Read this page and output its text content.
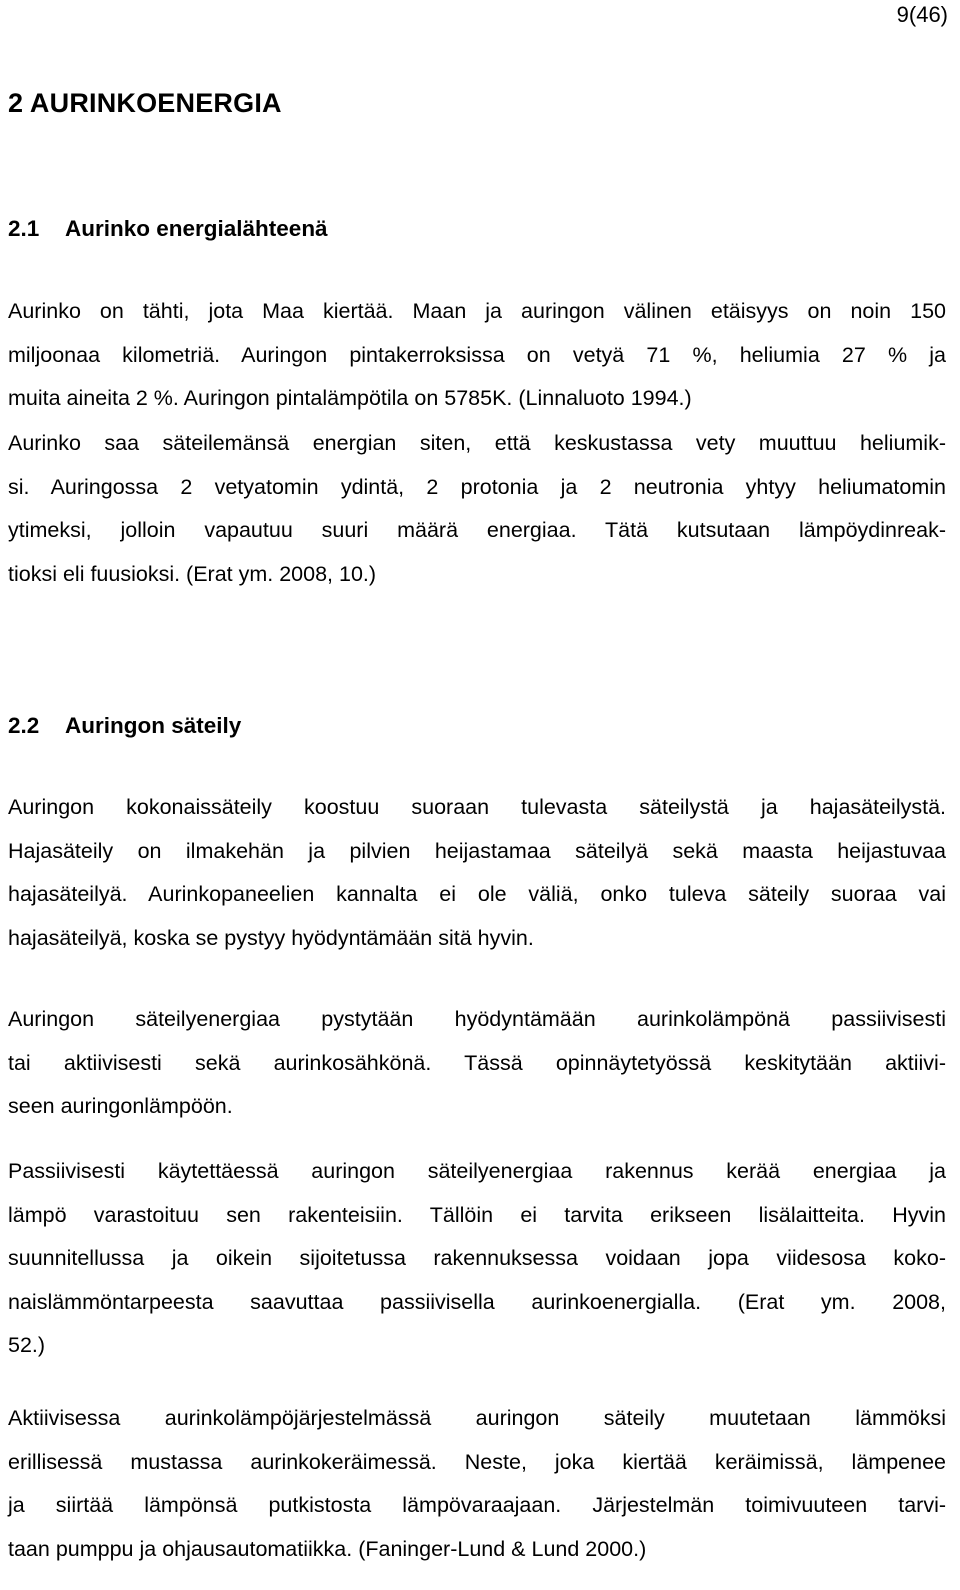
9(46)
2 AURINKOENERGIA
2.1 Aurinko energialähteenä
Aurinko on tähti, jota Maa kiertää. Maan ja auringon välinen etäisyys on noin 150
miljoonaa kilometriä. Auringon pintakerroksissa on vetyä 71 %, heliumia 27 % ja
muita aineita 2 %. Auringon pintalämpötila on 5785K. (Linnaluoto 1994.)
Aurinko saa säteilemänsä energian siten, että keskustassa vety muuttuu heliumik-
si. Auringossa 2 vetyatomin ydintä, 2 protonia ja 2 neutronia yhtyy heliumatomin
ytimeksi, jolloin vapautuu suuri määrä energiaa. Tätä kutsutaan lämpöydinreak-
tioksi eli fuusioksi. (Erat ym. 2008, 10.)
2.2 Auringon säteily
Auringon kokonaissäteily koostuu suoraan tulevasta säteilystä ja hajasäteilystä.
Hajasäteily on ilmakehän ja pilvien heijastamaa säteilyä sekä maasta heijastuvaa
hajasäteilyä. Aurinkopaneelien kannalta ei ole väliä, onko tuleva säteily suoraa vai
hajasäteilyä, koska se pystyy hyödyntämään sitä hyvin.
Auringon säteilyenergiaa pystytään hyödyntämään aurinkolämpönä passiivisesti
tai aktiivisesti sekä aurinkosähkönä. Tässä opinnäytetyössä keskitytään aktiivi-
seen auringonlämpöön.
Passiivisesti käytettäessä auringon säteilyenergiaa rakennus kerää energiaa ja
lämpö varastoituu sen rakenteisiin. Tällöin ei tarvita erikseen lisälaitteita. Hyvin
suunnitellussa ja oikein sijoitetussa rakennuksessa voidaan jopa viidesosa koko-
naislämmöntarpeesta saavuttaa passiivisella aurinkoenergialla. (Erat ym. 2008,
52.)
Aktiivisessa aurinkolämpöjärjestelmässä auringon säteily muutetaan lämmöksi
erillisessä mustassa aurinkokeräimessä. Neste, joka kiertää keräimissä, lämpenee
ja siirtää lämpönsä putkistosta lämpövaraajaan. Järjestelmän toimivuuteen tarvi-
taan pumppu ja ohjausautomatiikka. (Faninger-Lund & Lund 2000.)
